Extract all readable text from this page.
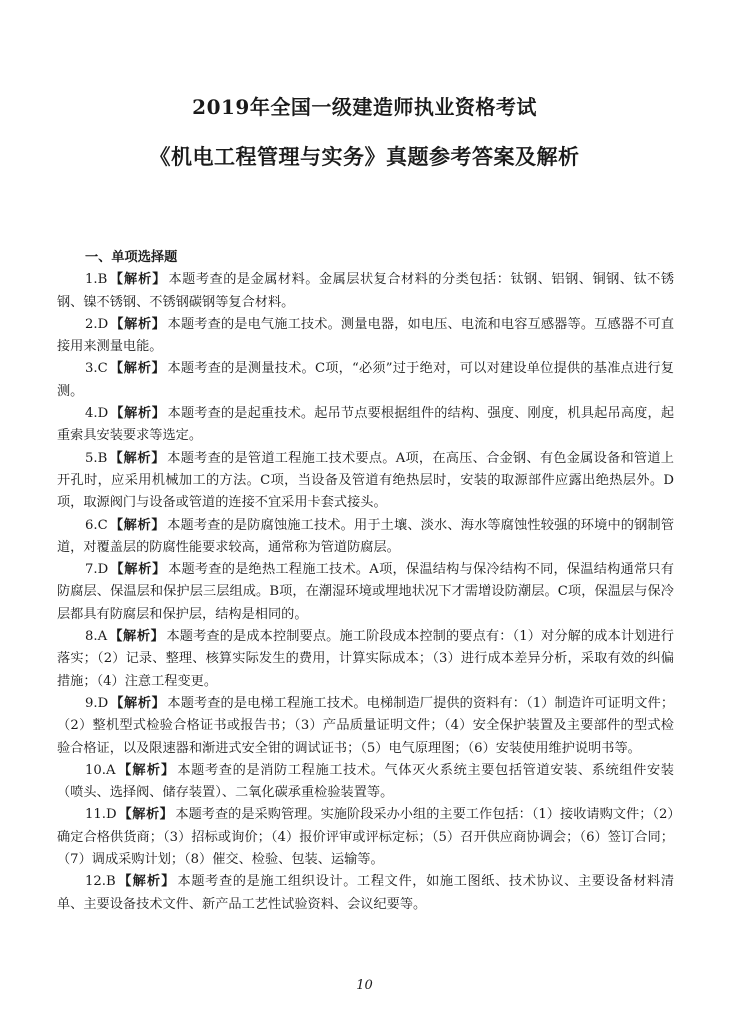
2019年全国一级建造师执业资格考试
《机电工程管理与实务》真题参考答案及解析

一、单项选择题

1.B 【解析】 本题考查的是金属材料。金属层状复合材料的分类包括：钛钢、铝钢、铜钢、钛不锈钢、镍不锈钢、不锈钢碳钢等复合材料。

2.D 【解析】 本题考查的是电气施工技术。测量电器，如电压、电流和电容互感器等。互感器不可直接用来测量电能。

3.C 【解析】 本题考查的是测量技术。C项，“必须”过于绝对，可以对建设单位提供的基准点进行复测。

4.D 【解析】 本题考查的是起重技术。起吊节点要根据组件的结构、强度、刚度，机具起吊高度，起重索具安装要求等选定。

5.B 【解析】 本题考查的是管道工程施工技术要点。A项，在高压、合金钢、有色金属设备和管道上开孔时，应采用机械加工的方法。C项，当设备及管道有绝热层时，安装的取源部件应露出绝热层外。D项，取源阀门与设备或管道的连接不宜采用卡套式接头。

6.C 【解析】 本题考查的是防腐蚀施工技术。用于土壤、淡水、海水等腐蚀性较强的环境中的钢制管道，对覆盖层的防腐性能要求较高，通常称为管道防腐层。

7.D 【解析】 本题考查的是绝热工程施工技术。A项，保温结构与保冷结构不同，保温结构通常只有防腐层、保温层和保护层三层组成。B项，在潮湿环境或埋地状况下才需增设防潮层。C项，保温层与保冷层都具有防腐层和保护层，结构是相同的。

8.A 【解析】 本题考查的是成本控制要点。施工阶段成本控制的要点有：（1）对分解的成本计划进行落实；（2）记录、整理、核算实际发生的费用，计算实际成本；（3）进行成本差异分析，采取有效的纠偏措施；（4）注意工程变更。

9.D 【解析】 本题考查的是电梯工程施工技术。电梯制造厂提供的资料有：（1）制造许可证明文件；（2）整机型式检验合格证书或报告书；（3）产品质量证明文件；（4）安全保护装置及主要部件的型式检验合格证，以及限速器和渐进式安全钳的调试证书；（5）电气原理图；（6）安装使用维护说明书等。

10.A 【解析】 本题考查的是消防工程施工技术。气体灭火系统主要包括管道安装、系统组件安装（喷头、选择阀、储存装置）、二氧化碳承重检验装置等。

11.D 【解析】 本题考查的是采购管理。实施阶段采办小组的主要工作包括：（1）接收请购文件；（2）确定合格供货商；（3）招标或询价；（4）报价评审或评标定标；（5）召开供应商协调会；（6）签订合同；（7）调成采购计划；（8）催交、检验、包装、运输等。

12.B 【解析】 本题考查的是施工组织设计。工程文件，如施工图纸、技术协议、主要设备材料清单、主要设备技术文件、新产品工艺性试验资料、会议纪要等。

10
